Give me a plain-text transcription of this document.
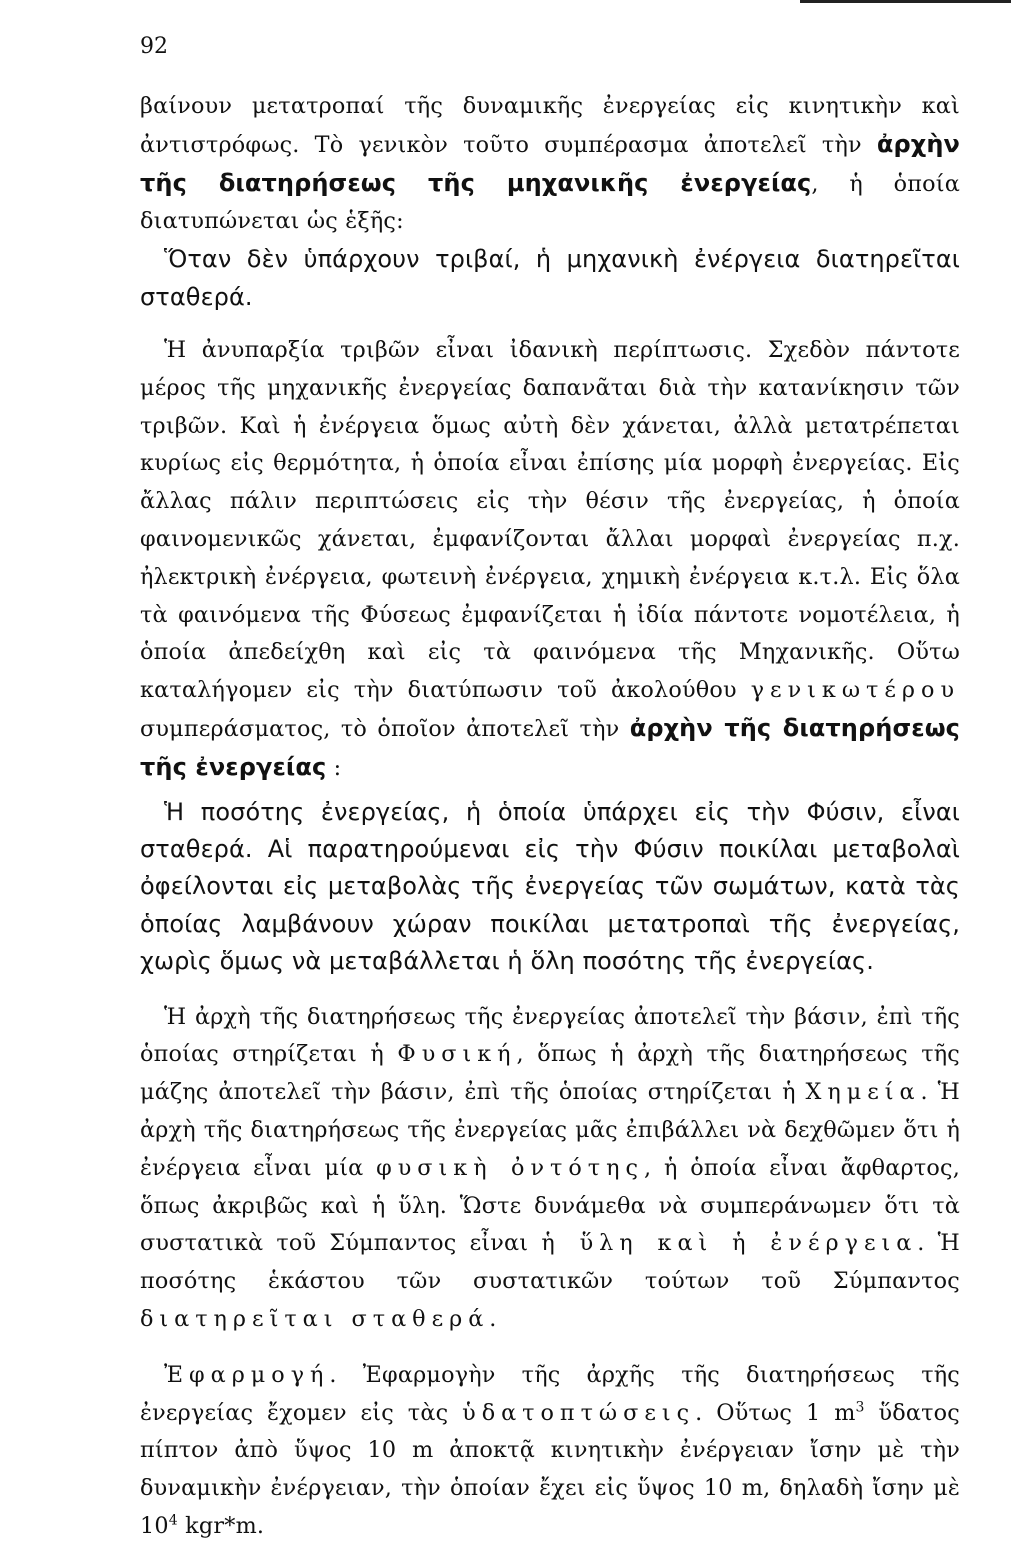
92

βαίνουν μετατροπαί τῆς δυναμικῆς ἐνεργείας εἰς κινητικὴν καὶ ἀντιστρόφως. Τὸ γενικὸν τοῦτο συμπέρασμα ἀποτελεῖ τὴν ἀρχὴν τῆς διατηρήσεως τῆς μηχανικῆς ἐνεργείας, ἡ ὁποία διατυπώνεται ὡς ἑξῆς:

Ὅταν δὲν ὑπάρχουν τριβαί, ἡ μηχανικὴ ἐνέργεια διατηρεῖται σταθερά.

Ἡ ἀνυπαρξία τριβῶν εἶναι ἰδανικὴ περίπτωσις. Σχεδὸν πάντοτε μέρος τῆς μηχανικῆς ἐνεργείας δαπανᾶται διὰ τὴν κατανίκησιν τῶν τριβῶν. Καὶ ἡ ἐνέργεια ὅμως αὐτὴ δὲν χάνεται, ἀλλὰ μετατρέπεται κυρίως εἰς θερμότητα, ἡ ὁποία εἶναι ἐπίσης μία μορφὴ ἐνεργείας. Εἰς ἄλλας πάλιν περιπτώσεις εἰς τὴν θέσιν τῆς ἐνεργείας, ἡ ὁποία φαινομενικῶς χάνεται, ἐμφανίζονται ἄλλαι μορφαὶ ἐνεργείας π.χ. ἠλεκτρικὴ ἐνέργεια, φωτεινὴ ἐνέργεια, χημικὴ ἐνέργεια κ.τ.λ. Εἰς ὅλα τὰ φαινόμενα τῆς Φύσεως ἐμφανίζεται ἡ ἰδία πάντοτε νομοτέλεια, ἡ ὁποία ἀπεδείχθη καὶ εἰς τὰ φαινόμενα τῆς Μηχανικῆς. Οὕτω καταλήγομεν εἰς τὴν διατύπωσιν τοῦ ἀκολούθου γενικωτέρου συμπεράσματος, τὸ ὁποῖον ἀποτελεῖ τὴν ἀρχὴν τῆς διατηρήσεως τῆς ἐνεργείας :

Ἡ ποσότης ἐνεργείας, ἡ ὁποία ὑπάρχει εἰς τὴν Φύσιν, εἶναι σταθερά. Αἱ παρατηρούμεναι εἰς τὴν Φύσιν ποικίλαι μεταβολαὶ ὀφείλονται εἰς μεταβολὰς τῆς ἐνεργείας τῶν σωμάτων, κατὰ τὰς ὁποίας λαμβάνουν χώραν ποικίλαι μετατροπαὶ τῆς ἐνεργείας, χωρὶς ὅμως νὰ μεταβάλλεται ἡ ὅλη ποσότης τῆς ἐνεργείας.

Ἡ ἀρχὴ τῆς διατηρήσεως τῆς ἐνεργείας ἀποτελεῖ τὴν βάσιν, ἐπὶ τῆς ὁποίας στηρίζεται ἡ Φυσική, ὅπως ἡ ἀρχὴ τῆς διατηρήσεως τῆς μάζης ἀποτελεῖ τὴν βάσιν, ἐπὶ τῆς ὁποίας στηρίζεται ἡ Χημεία. Ἡ ἀρχὴ τῆς διατηρήσεως τῆς ἐνεργείας μᾶς ἐπιβάλλει νὰ δεχθῶμεν ὅτι ἡ ἐνέργεια εἶναι μία φυσικὴ ὀντότης, ἡ ὁποία εἶναι ἄφθαρτος, ὅπως ἀκριβῶς καὶ ἡ ὕλη. Ὥστε δυνάμεθα νὰ συμπεράνωμεν ὅτι τὰ συστατικὰ τοῦ Σύμπαντος εἶναι ἡ ὕλη καὶ ἡ ἐνέργεια. Ἡ ποσότης ἑκάστου τῶν συστατικῶν τούτων τοῦ Σύμπαντος διατηρεῖται σταθερά.

Ἐφαρμογή. Ἐφαρμογὴν τῆς ἀρχῆς τῆς διατηρήσεως τῆς ἐνεργείας ἔχομεν εἰς τὰς ὑδατοπτώσεις. Οὕτως 1 $m^3$ ὕδατος πίπτον ἀπὸ ὕψος 10 m ἀποκτᾷ κινητικὴν ἐνέργειαν ἴσην μὲ τὴν δυναμικὴν ἐνέργειαν, τὴν ὁποίαν ἔχει εἰς ὕψος 10 m, δηλαδὴ ἴσην μὲ $10^4$ kgr*m.
